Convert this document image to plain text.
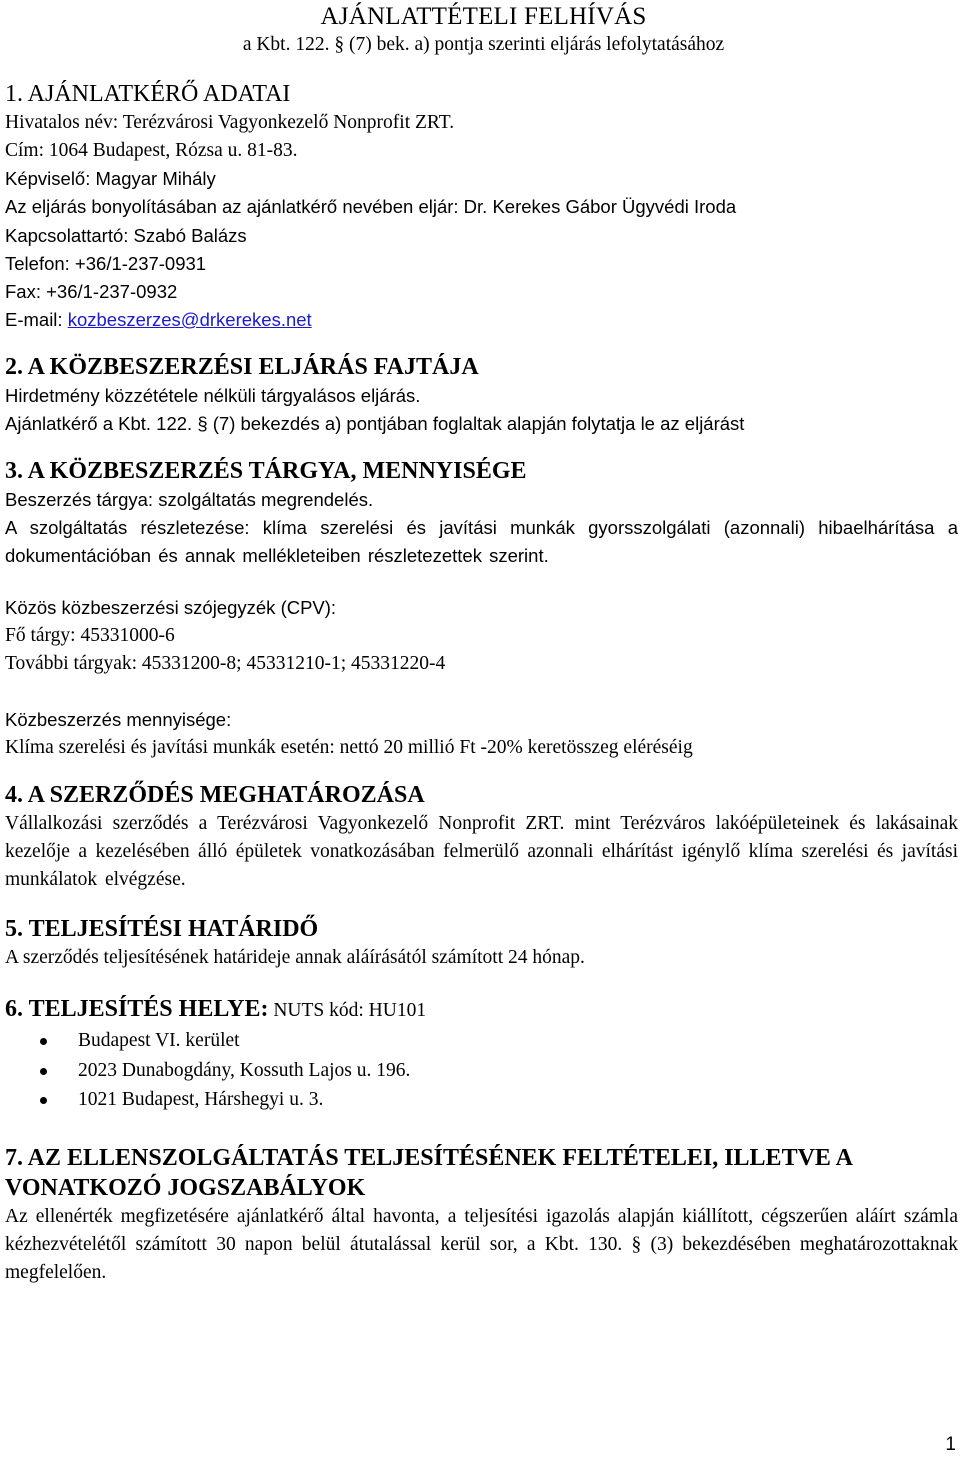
AJÁNLATTÉTELI FELHÍVÁS
a Kbt. 122. § (7) bek. a) pontja szerinti eljárás lefolytatásához
1. AJÁNLATKÉRŐ ADATAI
Hivatalos név: Terézvárosi Vagyonkezelő Nonprofit ZRT.
Cím: 1064 Budapest, Rózsa u. 81-83.
Képviselő: Magyar Mihály
Az eljárás bonyolításában az ajánlatkérő nevében eljár: Dr. Kerekes Gábor Ügyvédi Iroda
Kapcsolattartó: Szabó Balázs
Telefon: +36/1-237-0931
Fax: +36/1-237-0932
E-mail: kozbeszerzes@drkerekes.net
2. A KÖZBESZERZÉSI ELJÁRÁS FAJTÁJA
Hirdetmény közzététele nélküli tárgyalásos eljárás.
Ajánlatkérő a Kbt. 122. § (7) bekezdés a) pontjában foglaltak alapján folytatja le az eljárást
3. A KÖZBESZERZÉS TÁRGYA, MENNYISÉGE
Beszerzés tárgya: szolgáltatás megrendelés.
A szolgáltatás részletezése: klíma szerelési és javítási munkák gyorsszolgálati (azonnali) hibaelhárítása a dokumentációban és annak mellékleteiben részletezettek szerint.
Közös közbeszerzési szójegyzék (CPV):
Fő tárgy: 45331000-6
További tárgyak: 45331200-8; 45331210-1; 45331220-4
Közbeszerzés mennyisége:
Klíma szerelési és javítási munkák esetén: nettó 20 millió Ft -20% keretösszeg eléréséig
4. A SZERZŐDÉS MEGHATÁROZÁSA
Vállalkozási szerződés a Terézvárosi Vagyonkezelő Nonprofit ZRT. mint Terézváros lakóépületeinek és lakásainak kezelője a kezelésében álló épületek vonatkozásában felmerülő azonnali elhárítást igénylő klíma szerelési és javítási munkálatok elvégzése.
5. TELJESÍTÉSI HATÁRIDŐ
A szerződés teljesítésének határideje annak aláírásától számított 24 hónap.
6. TELJESÍTÉS HELYE: NUTS kód: HU101
Budapest VI. kerület
2023 Dunabogdány, Kossuth Lajos u. 196.
1021 Budapest, Hárshegyi u. 3.
7. AZ ELLENSZOLGÁLTATÁS TELJESÍTÉSÉNEK FELTÉTELEI, ILLETVE A VONATKOZÓ JOGSZABÁLYOK
Az ellenérték megfizetésére ajánlatkérő által havonta, a teljesítési igazolás alapján kiállított, cégszerűen aláírt számla kézhezvételétől számított 30 napon belül átutalással kerül sor, a Kbt. 130. § (3) bekezdésében meghatározottaknak megfelelően.
1
